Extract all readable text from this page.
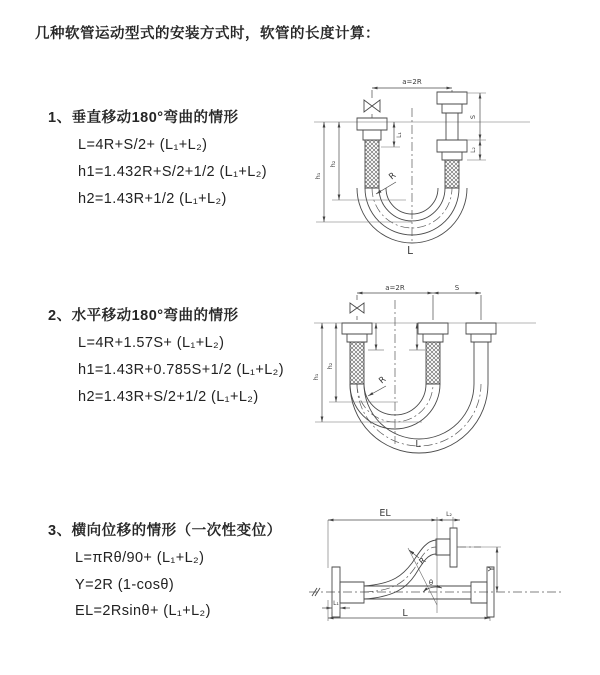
几种软管运动型式的安装方式时，软管的长度计算：
1、垂直移动180°弯曲的情形
L=4R+S/2+ (L₁+L₂)
h1=1.432R+S/2+1/2 (L₁+L₂)
h2=1.43R+1/2 (L₁+L₂)
2、水平移动180°弯曲的情形
L=4R+1.57S+ (L₁+L₂)
h1=1.43R+0.785S+1/2 (L₁+L₂)
h2=1.43R+S/2+1/2 (L₁+L₂)
3、横向位移的情形（一次性变位）
L=πRθ/90+ (L₁+L₂)
Y=2R (1-cosθ)
EL=2Rsinθ+ (L₁+L₂)
a=2R
h₁
h₂
L₁
S
L₂
R
L
a=2R	S
h₁
h₂
R
L
EL	L₂
Y
R
θ
L₁
L
